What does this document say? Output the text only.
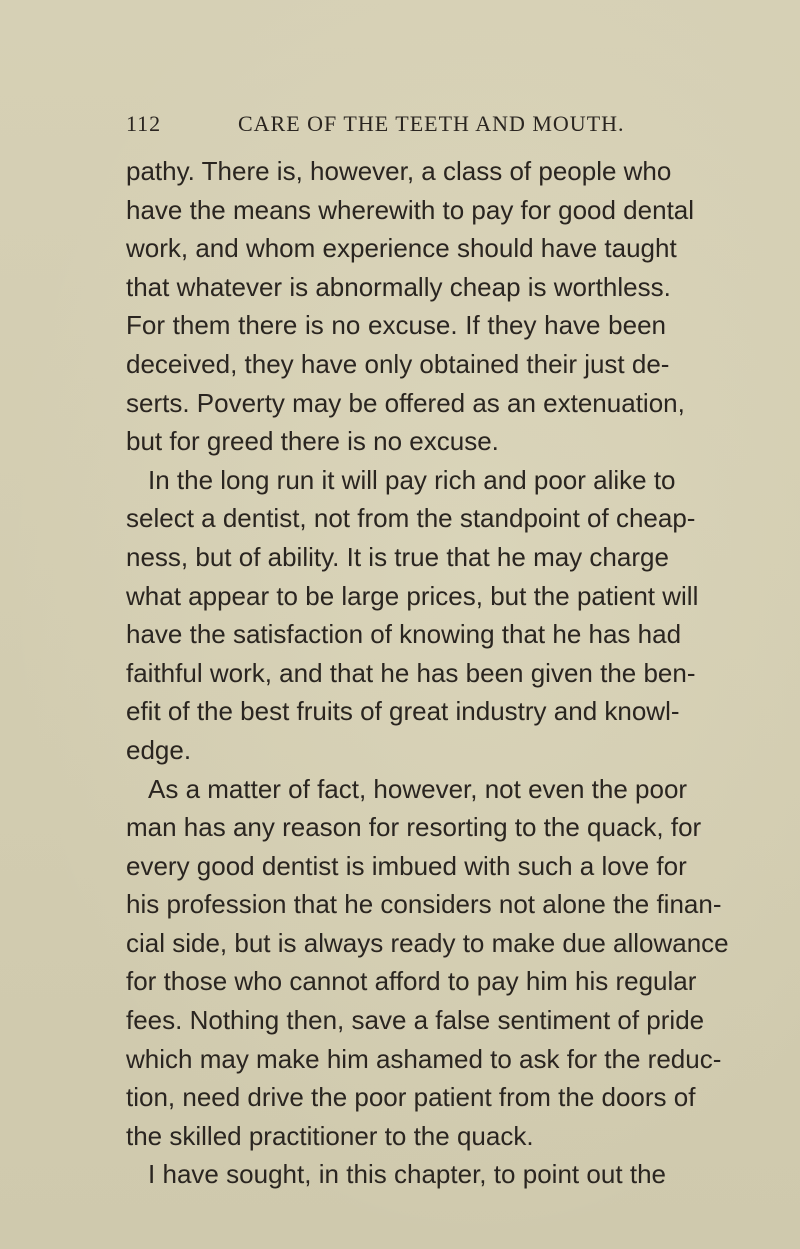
112	CARE OF THE TEETH AND MOUTH.
pathy. There is, however, a class of people who
have the means wherewith to pay for good dental
work, and whom experience should have taught
that whatever is abnormally cheap is worthless.
For them there is no excuse. If they have been
deceived, they have only obtained their just de-
serts. Poverty may be offered as an extenuation,
but for greed there is no excuse.
In the long run it will pay rich and poor alike to
select a dentist, not from the standpoint of cheap-
ness, but of ability. It is true that he may charge
what appear to be large prices, but the patient will
have the satisfaction of knowing that he has had
faithful work, and that he has been given the ben-
efit of the best fruits of great industry and knowl-
edge.
As a matter of fact, however, not even the poor
man has any reason for resorting to the quack, for
every good dentist is imbued with such a love for
his profession that he considers not alone the finan-
cial side, but is always ready to make due allowance
for those who cannot afford to pay him his regular
fees. Nothing then, save a false sentiment of pride
which may make him ashamed to ask for the reduc-
tion, need drive the poor patient from the doors of
the skilled practitioner to the quack.
I have sought, in this chapter, to point out the
